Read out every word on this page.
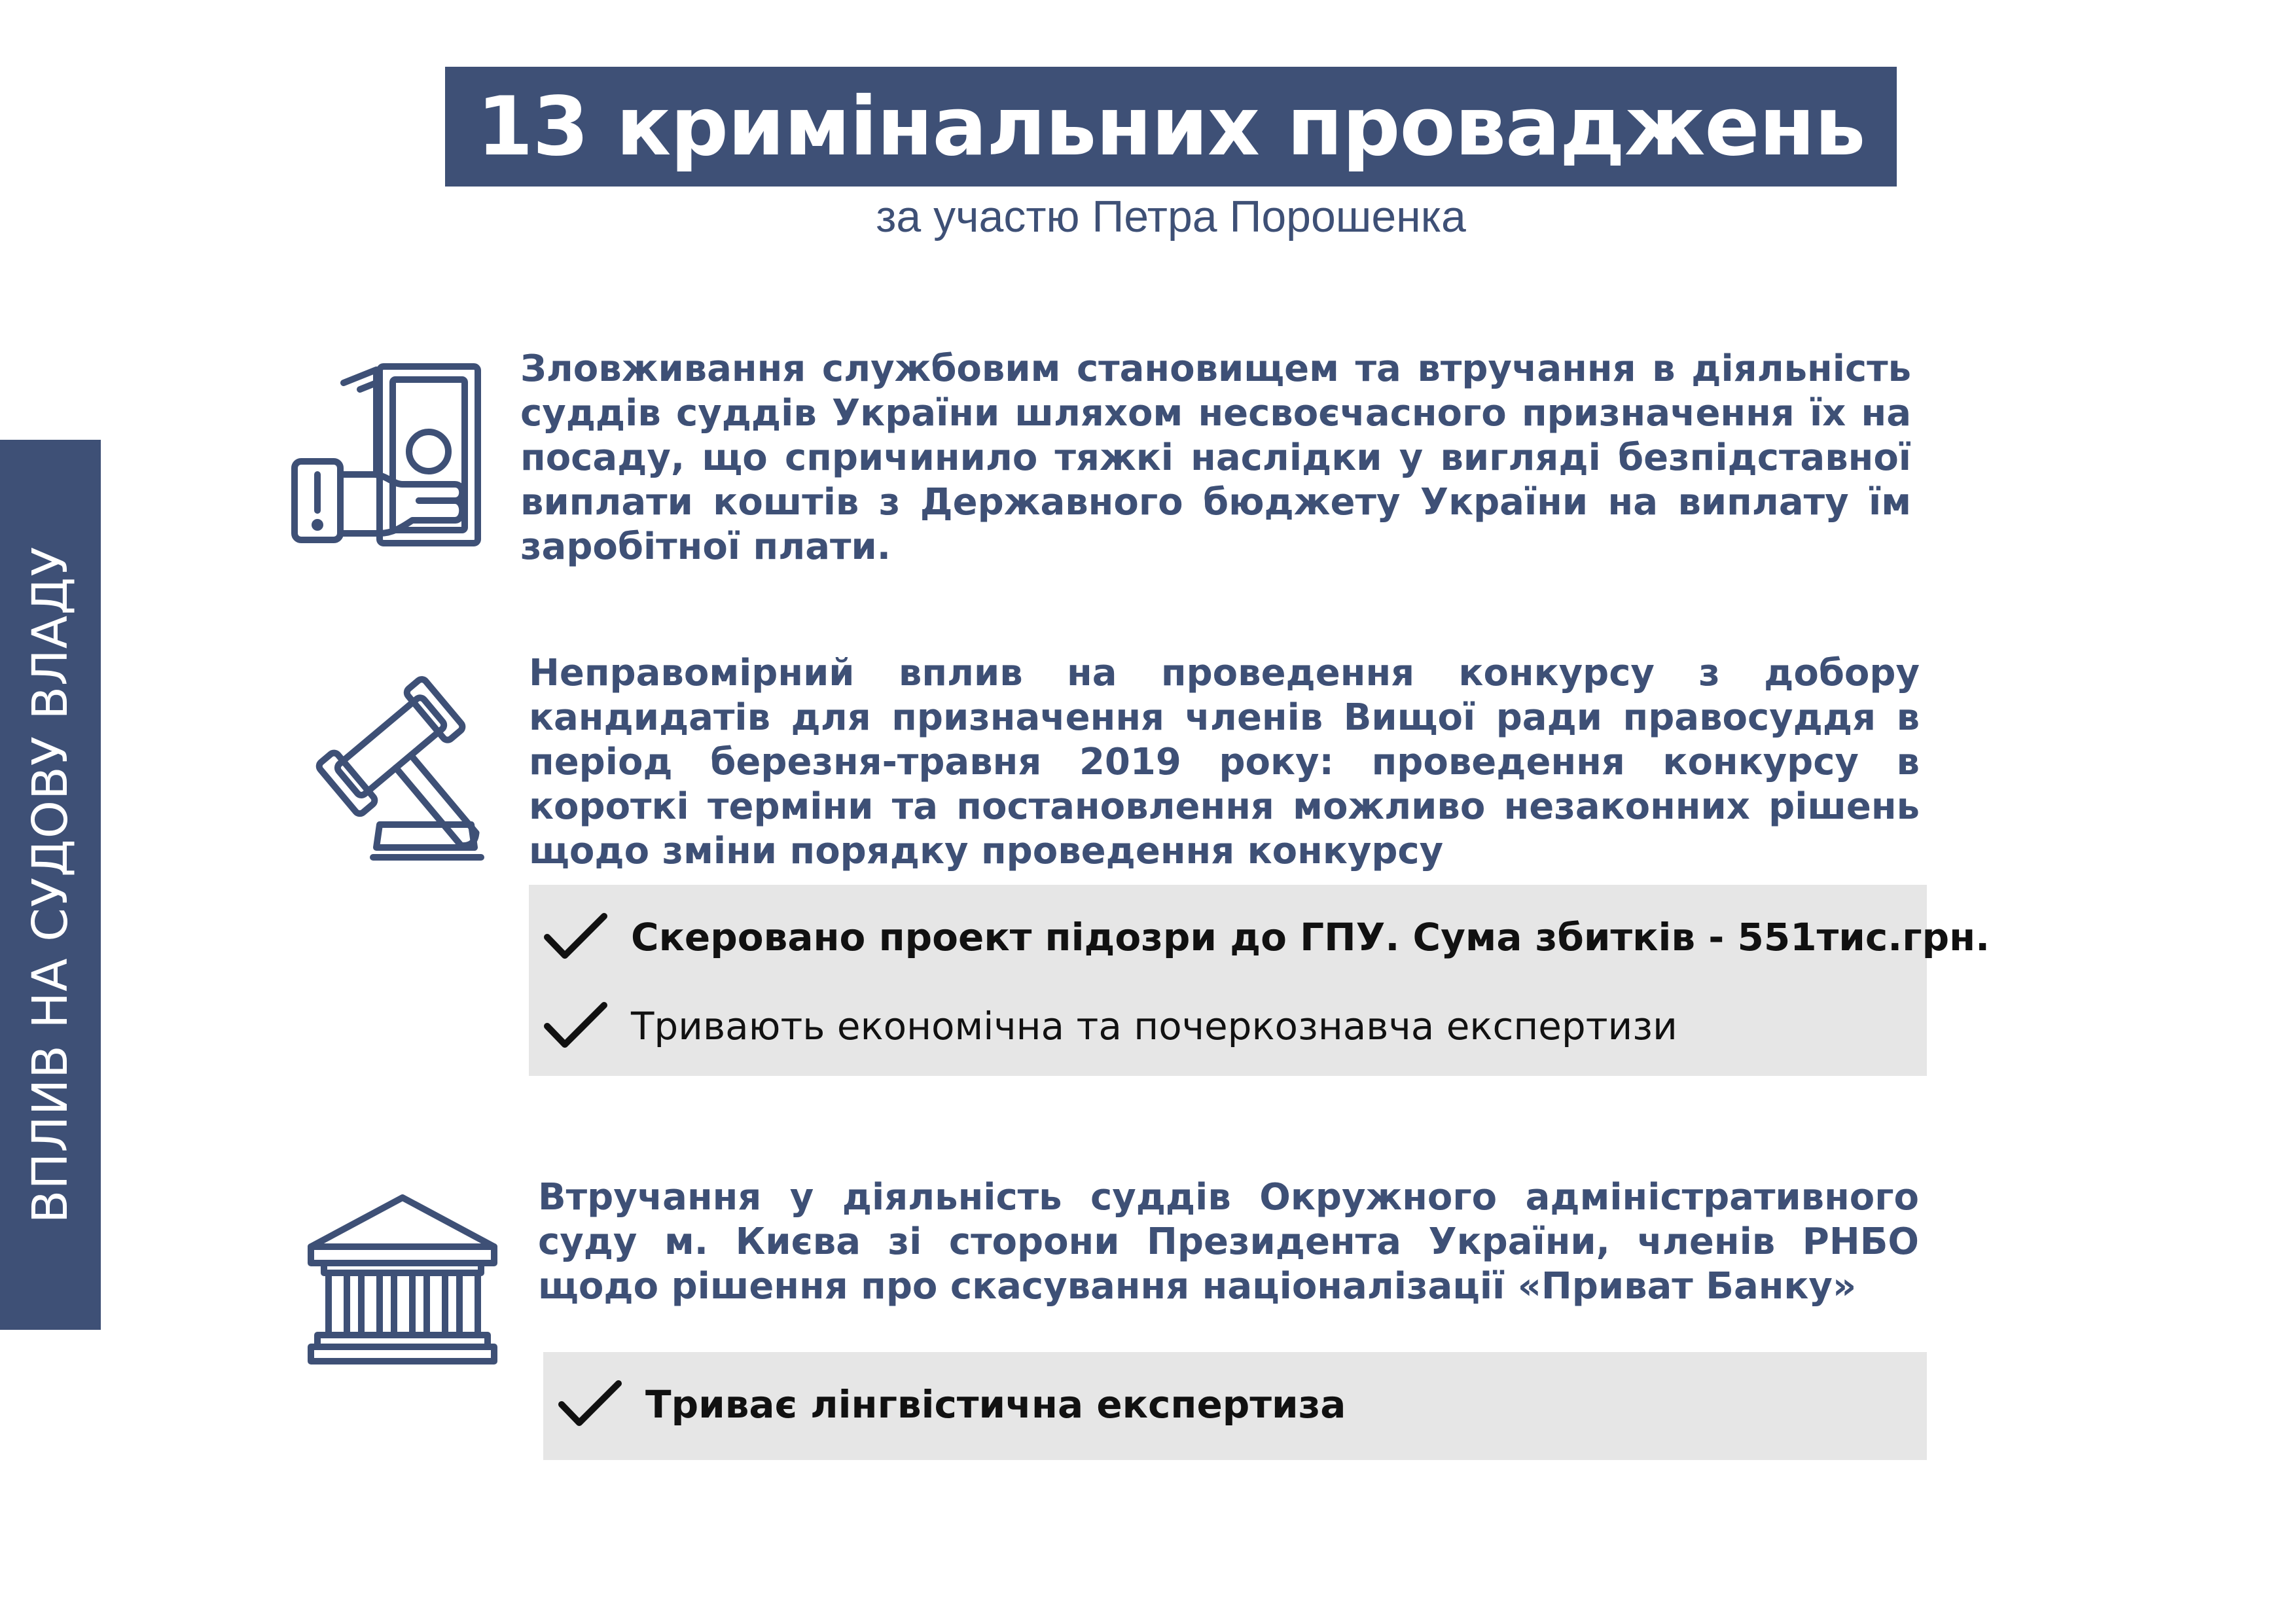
13 кримінальних проваджень
за участю Петра Порошенка
ВПЛИВ НА СУДОВУ ВЛАДУ
Зловживання службовим становищем та втручання в діяльність суддів суддів України шляхом несвоєчасного призначення їх на посаду, що спричинило тяжкі наслідки у вигляді безпідставної виплати коштів з Державного бюджету України на виплату їм заробітної плати.
Неправомірний вплив на проведення конкурсу з добору кандидатів для призначення членів Вищої ради правосуддя в період березня-травня 2019 року: проведення конкурсу в короткі терміни та постановлення можливо незаконних рішень щодо зміни порядку проведення конкурсу
Скеровано проект підозри до ГПУ. Сума збитків - 551тис.грн.
Тривають економічна та почеркознавча експертизи
Втручання у діяльність суддів Окружного адміністративного суду м. Києва зі сторони Президента України, членів РНБО щодо рішення про скасування націоналізації «Приват Банку»
Триває лінгвістична експертиза
